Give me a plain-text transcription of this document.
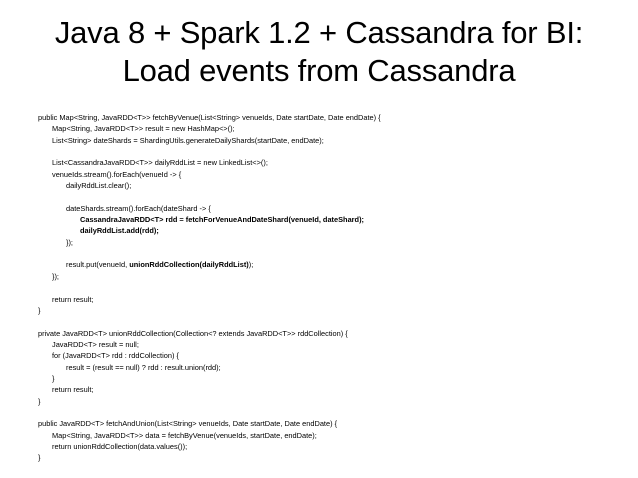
Java 8 + Spark 1.2 + Cassandra for BI:
Load events from Cassandra
public Map<String, JavaRDD<T>> fetchByVenue(List<String> venueIds, Date startDate, Date endDate) {
Map<String, JavaRDD<T>> result = new HashMap<>();
List<String> dateShards = ShardingUtils.generateDailyShards(startDate, endDate);
List<CassandraJavaRDD<T>> dailyRddList = new LinkedList<>();
venueIds.stream().forEach(venueId -> {
dailyRddList.clear();
dateShards.stream().forEach(dateShard -> {
CassandraJavaRDD<T> rdd = fetchForVenueAndDateShard(venueId, dateShard);
dailyRddList.add(rdd);
});
result.put(venueId, unionRddCollection(dailyRddList));
});
return result;
}
private JavaRDD<T> unionRddCollection(Collection<? extends JavaRDD<T>> rddCollection) {
JavaRDD<T> result = null;
for (JavaRDD<T> rdd : rddCollection) {
result = (result == null) ? rdd : result.union(rdd);
}
return result;
}
public JavaRDD<T> fetchAndUnion(List<String> venueIds, Date startDate, Date endDate) {
Map<String, JavaRDD<T>> data = fetchByVenue(venueIds, startDate, endDate);
return unionRddCollection(data.values());
}
